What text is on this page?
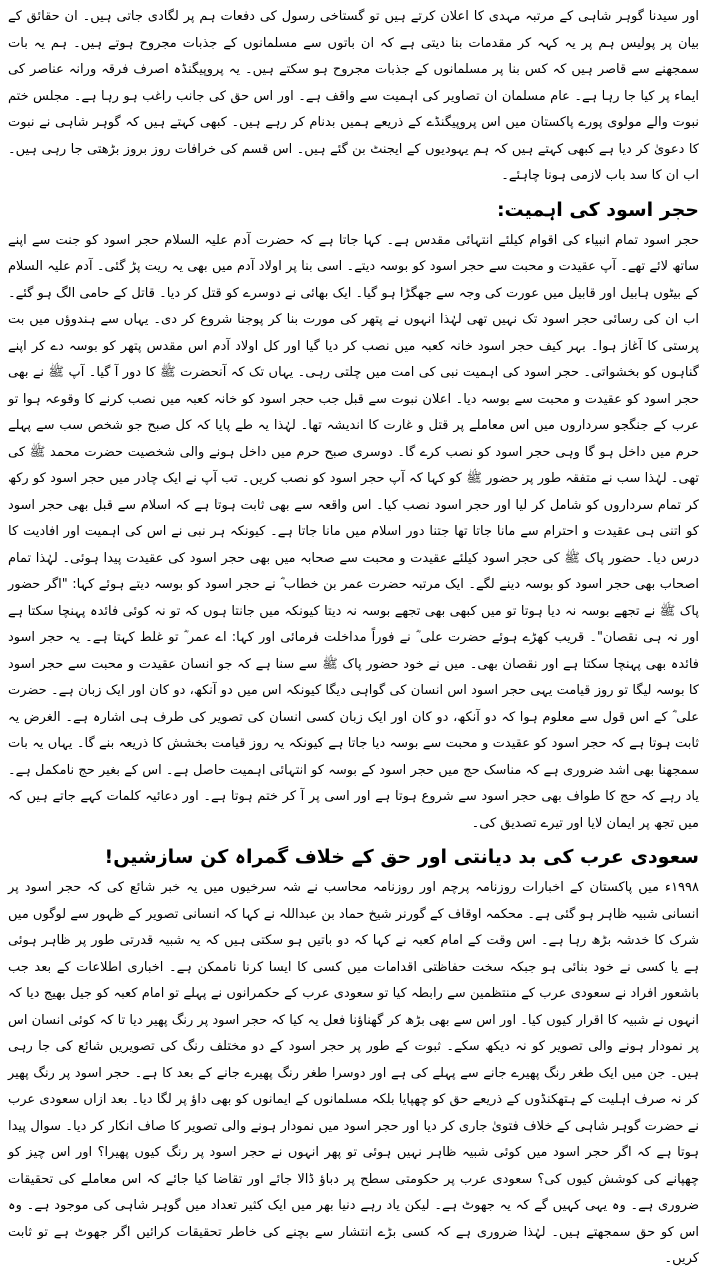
اور سیدنا گوہر شاہی کے مرتبہ مہدی کا اعلان کرتے ہیں تو گستاخی رسول کی دفعات ہم پر لگادی جاتی ہیں۔ ان حقائق کے بیان پر پولیس ہم پر یہ کہہ کر مقدمات بنا دیتی ہے کہ ان باتوں سے مسلمانوں کے جذبات مجروح ہوتے ہیں۔ ہم یہ بات سمجھنے سے قاصر ہیں کہ کس بنا پر مسلمانوں کے جذبات مجروح ہو سکتے ہیں۔ یہ پروپیگنڈہ اصرف فرقہ ورانہ عناصر کی ایماء پر کیا جا رہا ہے۔ عام مسلمان ان تصاویر کی اہمیت سے واقف ہے۔ اور اس حق کی جانب راغب ہو رہا ہے۔ مجلس ختم نبوت والے مولوی پورے پاکستان میں اس پروپیگنڈے کے ذریعے ہمیں بدنام کر رہے ہیں۔ کبھی کہتے ہیں کہ گوہر شاہی نے نبوت کا دعویٰ کر دیا ہے کبھی کہتے ہیں کہ ہم یہودیوں کے ایجنٹ بن گئے ہیں۔ اس قسم کی خرافات روز بروز بڑھتی جا رہی ہیں۔ اب ان کا سد باب لازمی ہونا چاہئے۔

حجر اسود کی اہمیت:

حجر اسود تمام انبیاء کی اقوام کیلئے انتہائی مقدس ہے۔ کہا جاتا ہے کہ حضرت آدم علیہ السلام حجر اسود کو جنت سے اپنے ساتھ لائے تھے۔ آپ عقیدت و محبت سے حجر اسود کو بوسہ دیتے۔ اسی بنا پر اولاد آدم میں بھی یہ ریت پڑ گئی۔ آدم علیہ السلام کے بیٹوں ہابیل اور قابیل میں عورت کی وجہ سے جھگڑا ہو گیا۔ ایک بھائی نے دوسرے کو قتل کر دیا۔ قاتل کے حامی الگ ہو گئے۔ اب ان کی رسائی حجر اسود تک نہیں تھی لہٰذا انہوں نے پتھر کی مورت بنا کر پوجنا شروع کر دی۔ یہاں سے ہندوؤں میں بت پرستی کا آغاز ہوا۔ بہر کیف حجر اسود خانہ کعبہ میں نصب کر دیا گیا اور کل اولاد آدم اس مقدس پتھر کو بوسہ دے کر اپنے گناہوں کو بخشواتی۔ حجر اسود کی اہمیت نبی کی امت میں چلتی رہی۔ یہاں تک کہ آنحضرت ﷺ کا دور آ گیا۔ آپ ﷺ نے بھی حجر اسود کو عقیدت و محبت سے بوسہ دیا۔ اعلان نبوت سے قبل جب حجر اسود کو خانہ کعبہ میں نصب کرنے کا وقوعہ ہوا تو عرب کے جنگجو سرداروں میں اس معاملے پر قتل و غارت کا اندیشہ تھا۔ لہٰذا یہ طے پایا کہ کل صبح جو شخص سب سے پہلے حرم میں داخل ہو گا وہی حجر اسود کو نصب کرے گا۔ دوسری صبح حرم میں داخل ہونے والی شخصیت حضرت محمد ﷺ کی تھی۔ لہٰذا سب نے متفقہ طور پر حضور ﷺ کو کہا کہ آپ حجر اسود کو نصب کریں۔ تب آپ نے ایک چادر میں حجر اسود کو رکھ کر تمام سرداروں کو شامل کر لیا اور حجر اسود نصب کیا۔ اس واقعہ سے بھی ثابت ہوتا ہے کہ اسلام سے قبل بھی حجر اسود کو اتنی ہی عقیدت و احترام سے مانا جاتا تھا جتنا دور اسلام میں مانا جاتا ہے۔ کیونکہ ہر نبی نے اس کی اہمیت اور افادیت کا درس دیا۔ حضور پاک ﷺ کی حجر اسود کیلئے عقیدت و محبت سے صحابہ میں بھی حجر اسود کی عقیدت پیدا ہوئی۔ لہٰذا تمام اصحاب بھی حجر اسود کو بوسہ دینے لگے۔ ایک مرتبہ حضرت عمر بن خطاب ؓ نے حجر اسود کو بوسہ دیتے ہوئے کہا: "اگر حضور پاک ﷺ نے تجھے بوسہ نہ دیا ہوتا تو میں کبھی بھی تجھے بوسہ نہ دیتا کیونکہ میں جانتا ہوں کہ تو نہ کوئی فائدہ پہنچا سکتا ہے اور نہ ہی نقصان"۔ قریب کھڑے ہوئے حضرت علی ؓ نے فوراً مداخلت فرمائی اور کہا: اے عمر ؓ تو غلط کہتا ہے۔ یہ حجر اسود فائدہ بھی پہنچا سکتا ہے اور نقصان بھی۔ میں نے خود حضور پاک ﷺ سے سنا ہے کہ جو انسان عقیدت و محبت سے حجر اسود کا بوسہ لیگا تو روز قیامت یہی حجر اسود اس انسان کی گواہی دیگا کیونکہ اس میں دو آنکھ، دو کان اور ایک زبان ہے۔ حضرت علی ؓ کے اس قول سے معلوم ہوا کہ دو آنکھ، دو کان اور ایک زبان کسی انسان کی تصویر کی طرف ہی اشارہ ہے۔ الغرض یہ ثابت ہوتا ہے کہ حجر اسود کو عقیدت و محبت سے بوسہ دیا جاتا ہے کیونکہ یہ روز قیامت بخشش کا ذریعہ بنے گا۔ یہاں یہ بات سمجھنا بھی اشد ضروری ہے کہ مناسک حج میں حجر اسود کے بوسہ کو انتہائی اہمیت حاصل ہے۔ اس کے بغیر حج نامکمل ہے۔ یاد رہے کہ حج کا طواف بھی حجر اسود سے شروع ہوتا ہے اور اسی پر آ کر ختم ہوتا ہے۔ اور دعائیہ کلمات کہے جاتے ہیں کہ میں تجھ پر ایمان لایا اور تیرے تصدیق کی۔

سعودی عرب کی بد دیانتی اور حق کے خلاف گمراہ کن سازشیں!

۱۹۹۸ء میں پاکستان کے اخبارات روزنامہ پرچم اور روزنامہ محاسب نے شہ سرخیوں میں یہ خبر شائع کی کہ حجر اسود پر انسانی شبیہ ظاہر ہو گئی ہے۔ محکمہ اوقاف کے گورنر شیخ حماد بن عبداللہ نے کہا کہ انسانی تصویر کے ظہور سے لوگوں میں شرک کا خدشہ بڑھ رہا ہے۔ اس وقت کے امام کعبہ نے کہا کہ دو باتیں ہو سکتی ہیں کہ یہ شبیہ قدرتی طور پر ظاہر ہوئی ہے یا کسی نے خود بنائی ہو جبکہ سخت حفاظتی اقدامات میں کسی کا ایسا کرنا ناممکن ہے۔ اخباری اطلاعات کے بعد جب باشعور افراد نے سعودی عرب کے منتظمین سے رابطہ کیا تو سعودی عرب کے حکمرانوں نے پہلے تو امام کعبہ کو جیل بھیج دیا کہ انہوں نے شبیہ کا اقرار کیوں کیا۔ اور اس سے بھی بڑھ کر گھناؤنا فعل یہ کیا کہ حجر اسود پر رنگ پھیر دیا تا کہ کوئی انسان اس پر نمودار ہونے والی تصویر کو نہ دیکھ سکے۔ ثبوت کے طور پر حجر اسود کے دو مختلف رنگ کی تصویریں شائع کی جا رہی ہیں۔ جن میں ایک طغر رنگ پھیرے جانے سے پہلے کی ہے اور دوسرا طغر رنگ پھیرے جانے کے بعد کا ہے۔ حجر اسود پر رنگ پھیر کر نہ صرف اہلیت کے ہتھکنڈوں کے ذریعے حق کو چھپایا بلکہ مسلمانوں کے ایمانوں کو بھی داؤ پر لگا دیا۔ بعد ازاں سعودی عرب نے حضرت گوہر شاہی کے خلاف فتویٰ جاری کر دیا اور حجر اسود میں نمودار ہونے والی تصویر کا صاف انکار کر دیا۔ سوال پیدا ہوتا ہے کہ اگر حجر اسود میں کوئی شبیہ ظاہر نہیں ہوئی تو پھر انہوں نے حجر اسود پر رنگ کیوں پھیرا؟ اور اس چیز کو چھپانے کی کوشش کیوں کی؟ سعودی عرب پر حکومتی سطح پر دباؤ ڈالا جائے اور تقاضا کیا جائے کہ اس معاملے کی تحقیقات ضروری ہے۔ وہ یہی کہیں گے کہ یہ جھوٹ ہے۔ لیکن یاد رہے دنیا بھر میں ایک کثیر تعداد میں گوہر شاہی کی موجود ہے۔ وہ اس کو حق سمجھتے ہیں۔ لہٰذا ضروری ہے کہ کسی بڑے انتشار سے بچنے کی خاطر تحقیقات کرائیں اگر جھوٹ ہے تو ثابت کریں۔
